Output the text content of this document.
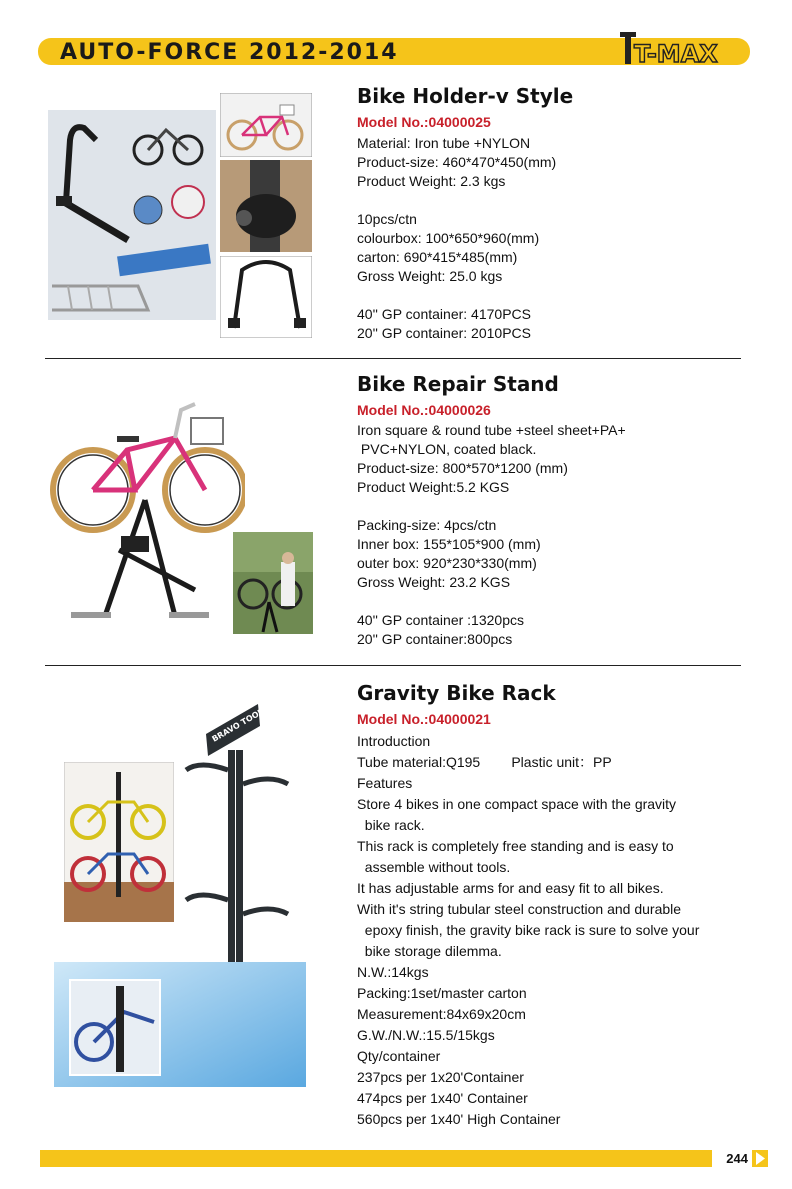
AUTO-FORCE 2012-2014	T-MAX
Bike Holder-v Style
Model No.:04000025
Material: Iron tube +NYLON
Product-size: 460*470*450(mm)
Product Weight: 2.3 kgs
10pcs/ctn
colourbox: 100*650*960(mm)
carton: 690*415*485(mm)
Gross Weight: 25.0 kgs
40'' GP container: 4170PCS
20'' GP container: 2010PCS
Bike Repair Stand
Model No.:04000026
Iron square & round tube +steel sheet+PA+
PVC+NYLON, coated black.
Product-size: 800*570*1200 (mm)
Product Weight:5.2 KGS
Packing-size: 4pcs/ctn
Inner box: 155*105*900 (mm)
outer box: 920*230*330(mm)
Gross Weight: 23.2 KGS
40'' GP container :1320pcs
20'' GP container:800pcs
BRAVO TOOLS
Gravity Bike Rack
Model No.:04000021
Introduction
Tube material:Q195        Plastic unit：PP
Features
Store 4 bikes in one compact space with the gravity
bike rack.
This rack is completely free standing and is easy to
assemble without tools.
It has adjustable arms for and easy fit to all bikes.
With it's string tubular steel construction and durable
epoxy finish, the gravity bike rack is sure to solve your
bike storage dilemma.
N.W.:14kgs
Packing:1set/master carton
Measurement:84x69x20cm
G.W./N.W.:15.5/15kgs
Qty/container
237pcs per 1x20'Container
474pcs per 1x40' Container
560pcs per 1x40' High Container
244
